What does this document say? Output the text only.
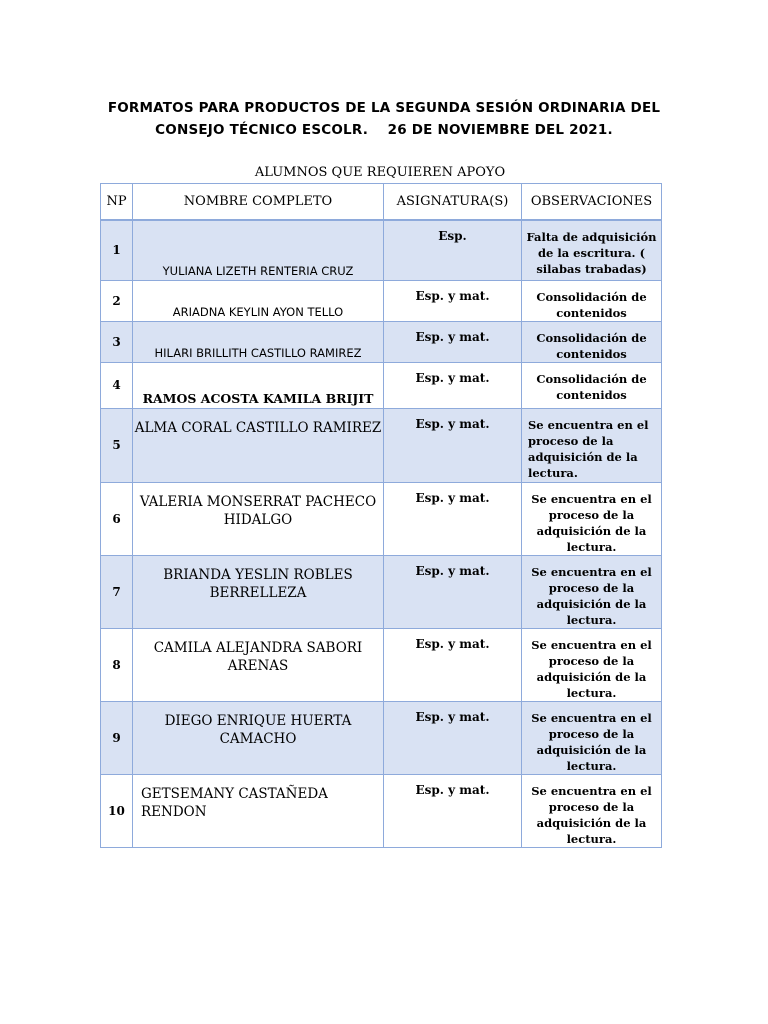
FORMATOS PARA PRODUCTOS DE LA SEGUNDA SESIÓN ORDINARIA DEL
CONSEJO TÉCNICO ESCOLR.    26 DE NOVIEMBRE DEL 2021.
ALUMNOS QUE REQUIEREN APOYO
NP	NOMBRE COMPLETO	ASIGNATURA(S)	OBSERVACIONES
1	YULIANA LIZETH RENTERIA CRUZ	Esp.	Falta de adquisición de la escritura. ( silabas trabadas)
2	ARIADNA KEYLIN AYON TELLO	Esp. y mat.	Consolidación de contenidos
3	HILARI BRILLITH CASTILLO RAMIREZ	Esp. y mat.	Consolidación de contenidos
4	RAMOS ACOSTA KAMILA BRIJIT	Esp. y mat.	Consolidación de contenidos
5	ALMA CORAL CASTILLO RAMIREZ	Esp. y mat.	Se encuentra en el proceso de la adquisición de la lectura.
6	VALERIA MONSERRAT PACHECO HIDALGO	Esp. y mat.	Se encuentra en el proceso de la adquisición de la lectura.
7	BRIANDA YESLIN ROBLES BERRELLEZA	Esp. y mat.	Se encuentra en el proceso de la adquisición de la lectura.
8	CAMILA ALEJANDRA SABORI ARENAS	Esp. y mat.	Se encuentra en el proceso de la adquisición de la lectura.
9	DIEGO ENRIQUE HUERTA CAMACHO	Esp. y mat.	Se encuentra en el proceso de la adquisición de la lectura.
10	GETSEMANY CASTAÑEDA RENDON	Esp. y mat.	Se encuentra en el proceso de la adquisición de la lectura.
